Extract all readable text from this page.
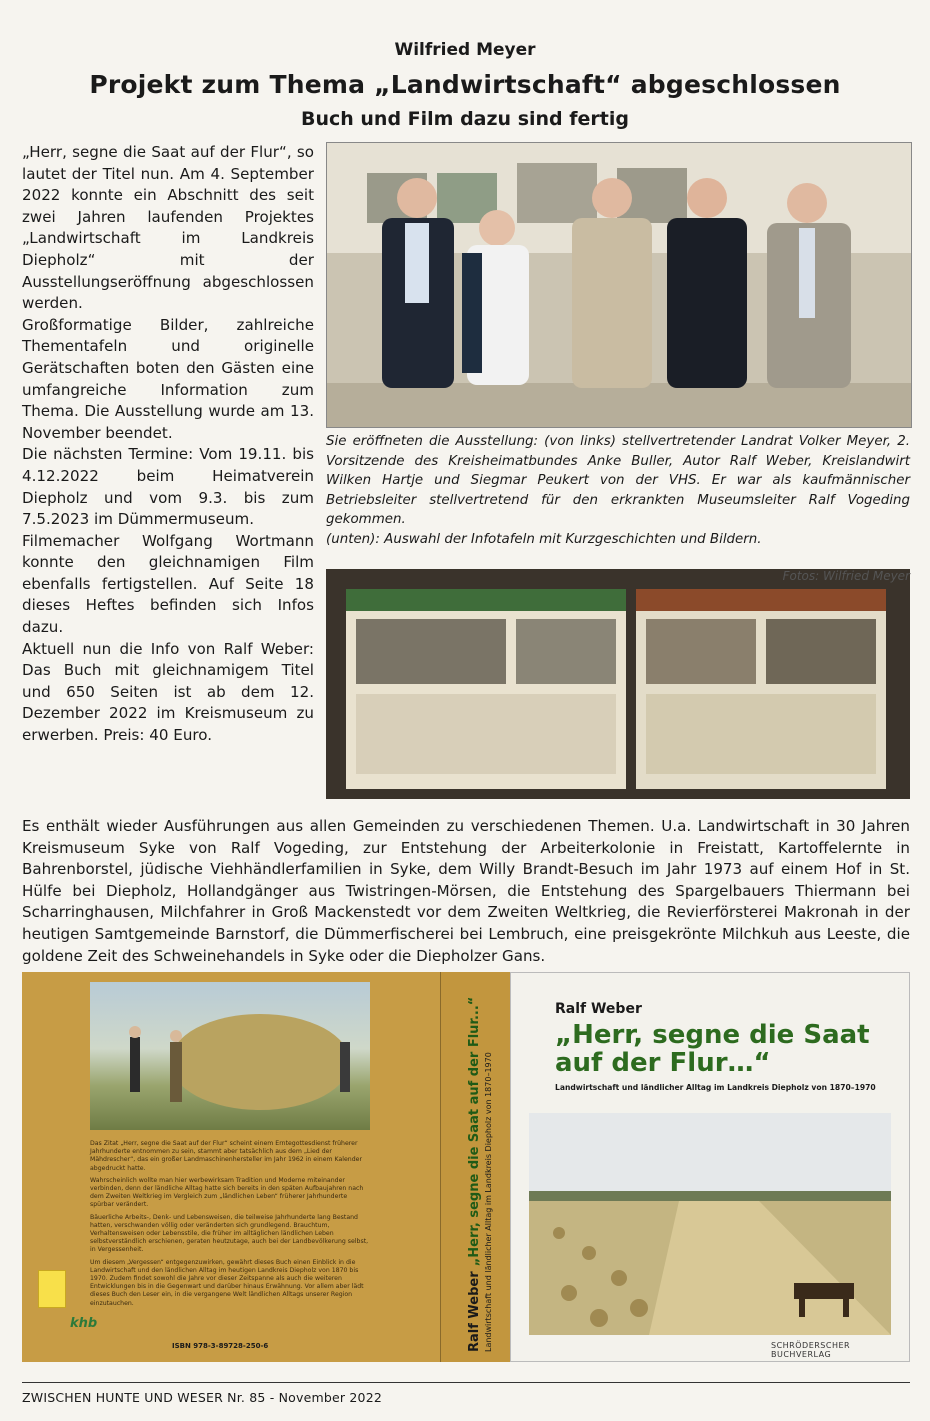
Wilfried Meyer
Projekt zum Thema „Landwirtschaft“ abgeschlossen
Buch und Film dazu sind fertig

„Herr, segne die Saat auf der Flur“, so lautet der Titel nun. Am 4. September 2022 konnte ein Abschnitt des seit zwei Jahren laufenden Projektes „Landwirtschaft im Landkreis Diepholz“ mit der Ausstellungseröffnung abgeschlossen werden.

Großformatige Bilder, zahlreiche Thementafeln und originelle Gerätschaften boten den Gästen eine umfangreiche Information zum Thema. Die Ausstellung wurde am 13. November beendet.

Die nächsten Termine: Vom 19.11. bis 4.12.2022 beim Heimatverein Diepholz und vom 9.3. bis zum 7.5.2023 im Dümmermuseum.

Filmemacher Wolfgang Wortmann konnte den gleichnamigen Film ebenfalls fertigstellen. Auf Seite 18 dieses Heftes befinden sich Infos dazu.

Aktuell nun die Info von Ralf Weber: Das Buch mit gleichnamigem Titel und 650 Seiten ist ab dem 12. Dezember 2022 im Kreismuseum zu erwerben. Preis: 40 Euro.

Sie eröffneten die Ausstellung: (von links) stellvertretender Landrat Volker Meyer, 2. Vorsitzende des Kreisheimatbundes Anke Buller, Autor Ralf Weber, Kreislandwirt Wilken Hartje und Siegmar Peukert von der VHS. Er war als kaufmännischer Betriebsleiter stellvertretend für den erkrankten Museumsleiter Ralf Vogeding gekommen.

(unten): Auswahl der Infotafeln mit Kurzgeschichten und Bildern.

Fotos: Wilfried Meyer

Es enthält wieder Ausführungen aus allen Gemeinden zu verschiedenen Themen. U.a. Landwirtschaft in 30 Jahren Kreismuseum Syke von Ralf Vogeding, zur Entstehung der Arbeiterkolonie in Freistatt, Kartoffelernte in Bahrenborstel, jüdische Viehhändlerfamilien in Syke, dem Willy Brandt-Besuch im Jahr 1973 auf einem Hof in St. Hülfe bei Diepholz, Hollandgänger aus Twistringen-Mörsen, die Entstehung des Spargelbauers Thiermann bei Scharringhausen, Milchfahrer in Groß Mackenstedt vor dem Zweiten Weltkrieg, die Revierförsterei Makronah in der heutigen Samtgemeinde Barnstorf, die Dümmerfischerei bei Lembruch, eine preisgekrönte Milchkuh aus Leeste, die goldene Zeit des Schweinehandels in Syke oder die Diepholzer Gans.

Das Zitat „Herr, segne die Saat auf der Flur“ scheint einem Erntegottesdienst früherer Jahrhunderte entnommen zu sein, stammt aber tatsächlich aus dem „Lied der Mähdrescher“, das ein großer Landmaschinenhersteller im Jahr 1962 in einem Kalender abgedruckt hatte.

Wahrscheinlich wollte man hier werbewirksam Tradition und Moderne miteinander verbinden, denn der ländliche Alltag hatte sich bereits in den späten Aufbaujahren nach dem Zweiten Weltkrieg im Vergleich zum „ländlichen Leben“ früherer Jahrhunderte spürbar verändert.

Bäuerliche Arbeits-, Denk- und Lebensweisen, die teilweise Jahrhunderte lang Bestand hatten, verschwanden völlig oder veränderten sich grundlegend. Brauchtum, Verhaltensweisen oder Lebensstile, die früher im alltäglichen ländlichen Leben selbstverständlich erschienen, geraten heutzutage, auch bei der Landbevölkerung selbst, in Vergessenheit.

Um diesem „Vergessen“ entgegenzuwirken, gewährt dieses Buch einen Einblick in die Landwirtschaft und den ländlichen Alltag im heutigen Landkreis Diepholz von 1870 bis 1970. Zudem findet sowohl die Jahre vor dieser Zeitspanne als auch die weiteren Entwicklungen bis in die Gegenwart und darüber hinaus Erwähnung. Vor allem aber lädt dieses Buch den Leser ein, in die vergangene Welt ländlichen Alltags unserer Region einzutauchen.

khb
ISBN 978-3-89728-250-6	Ralf Weber „Herr, segne die Saat auf der Flur...“ Landwirtschaft und ländlicher Alltag im Landkreis Diepholz von 1870–1970
Ralf Weber
„Herr, segne die Saat auf der Flur…“
Landwirtschaft und ländlicher Alltag im Landkreis Diepholz von 1870–1970
SCHRÖDERSCHER BUCHVERLAG
ZWISCHEN HUNTE UND WESER Nr. 85 - November 2022
